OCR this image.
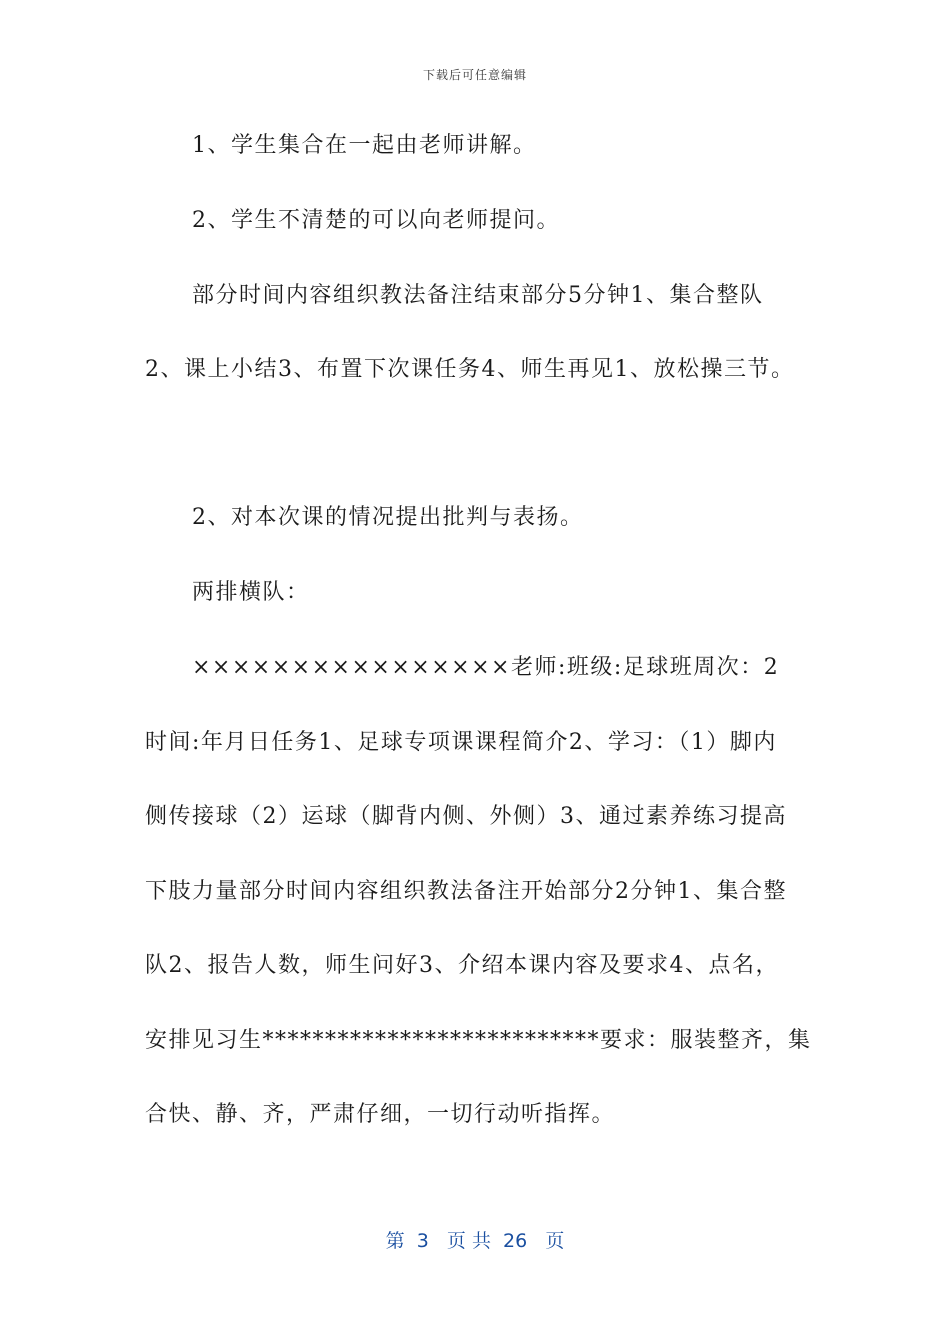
下载后可任意编辑
1、学生集合在一起由老师讲解。
2、学生不清楚的可以向老师提问。
部分时间内容组织教法备注结束部分5分钟1、集合整队
2、课上小结3、布置下次课任务4、师生再见1、放松操三节。
2、对本次课的情况提出批判与表扬。
两排横队：
××××××××××××××××老师:班级:足球班周次：2
时间:年月日任务1、足球专项课课程简介2、学习：（1）脚内
侧传接球（2）运球（脚背内侧、外侧）3、通过素养练习提高
下肢力量部分时间内容组织教法备注开始部分2分钟1、集合整
队2、报告人数，师生问好3、介绍本课内容及要求4、点名，
安排见习生***************************要求：服装整齐，集
合快、静、齐，严肃仔细，一切行动听指挥。
第  3   页 共  26   页
